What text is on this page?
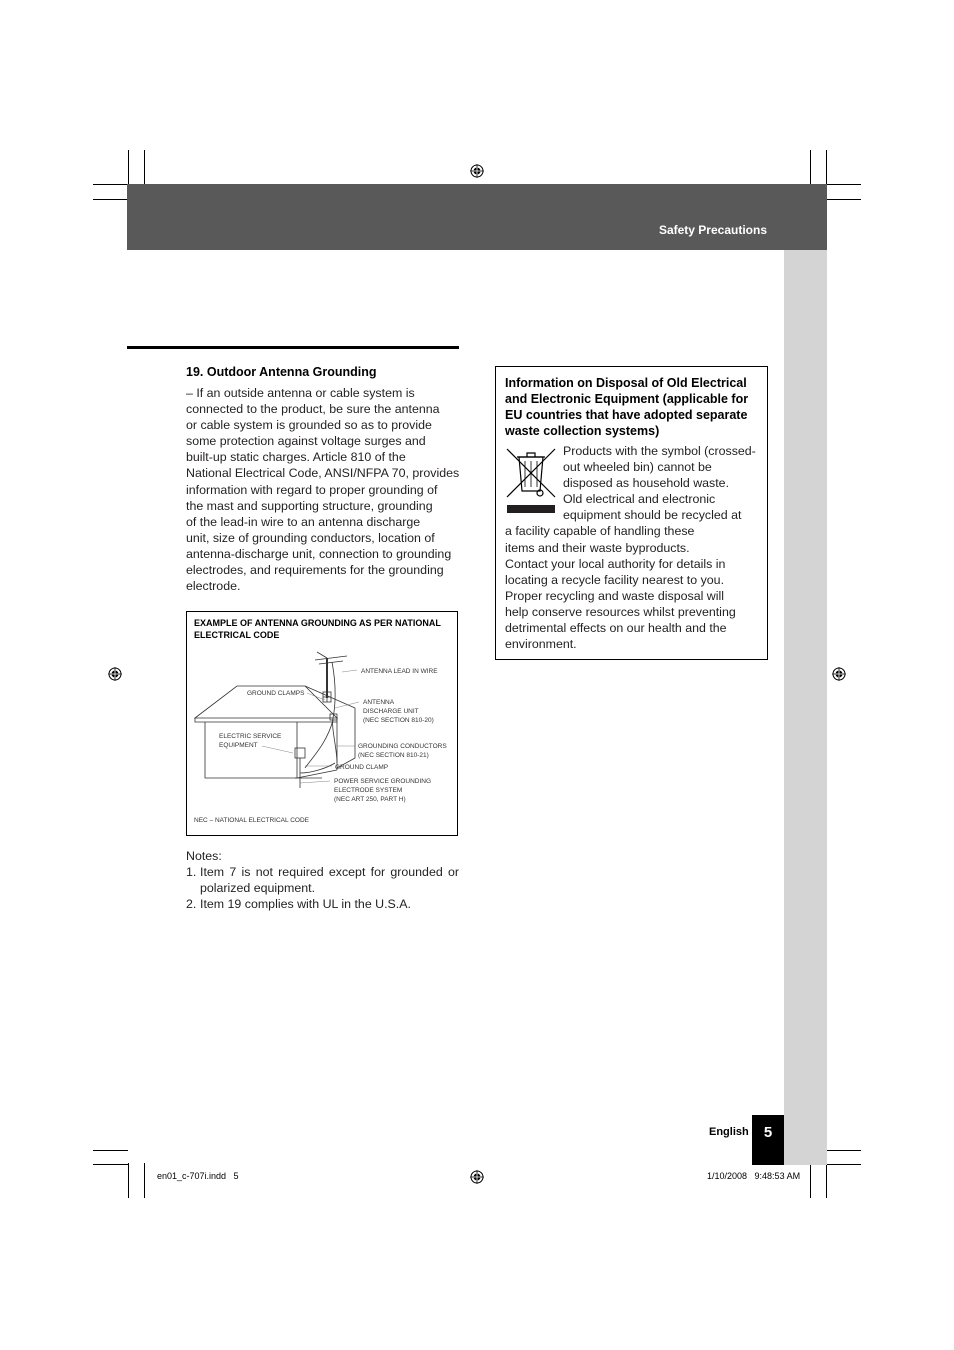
Safety Precautions
19. Outdoor Antenna Grounding
– If an outside antenna or cable system is
connected to the product, be sure the antenna
or cable system is grounded so as to provide
some protection against voltage surges and
built-up static charges. Article 810 of the
National Electrical Code, ANSI/NFPA 70, provides
information with regard to proper grounding of
the mast and supporting structure, grounding
of the lead-in wire to an antenna discharge
unit, size of grounding conductors, location of
antenna-discharge unit, connection to grounding
electrodes, and requirements for the grounding
electrode.
EXAMPLE OF ANTENNA GROUNDING AS PER NATIONAL ELECTRICAL CODE
ANTENNA LEAD IN WIRE
GROUND CLAMPS
ANTENNA
DISCHARGE UNIT
(NEC SECTION 810-20)
ELECTRIC SERVICE
EQUIPMENT	GROUNDING CONDUCTORS
(NEC SECTION 810-21)
GROUND CLAMP
POWER SERVICE GROUNDING
ELECTRODE SYSTEM
(NEC ART 250, PART H)
NEC – NATIONAL ELECTRICAL CODE
Notes:
1. Item 7 is not required except for grounded or polarized equipment.
2. Item 19 complies with UL in the U.S.A.
Information on Disposal of Old Electrical and Electronic Equipment (applicable for EU countries that have adopted separate waste collection systems)
Products with the symbol (crossed-
out wheeled bin) cannot be
disposed as household waste.
Old electrical and electronic
equipment should be recycled at
a facility capable of handling these
items and their waste byproducts.
Contact your local authority for details in
locating a recycle facility nearest to you.
Proper recycling and waste disposal will
help conserve resources whilst preventing
detrimental effects on our health and the
environment.
English	5
en01_c-707i.indd   5	1/10/2008   9:48:53 AM
